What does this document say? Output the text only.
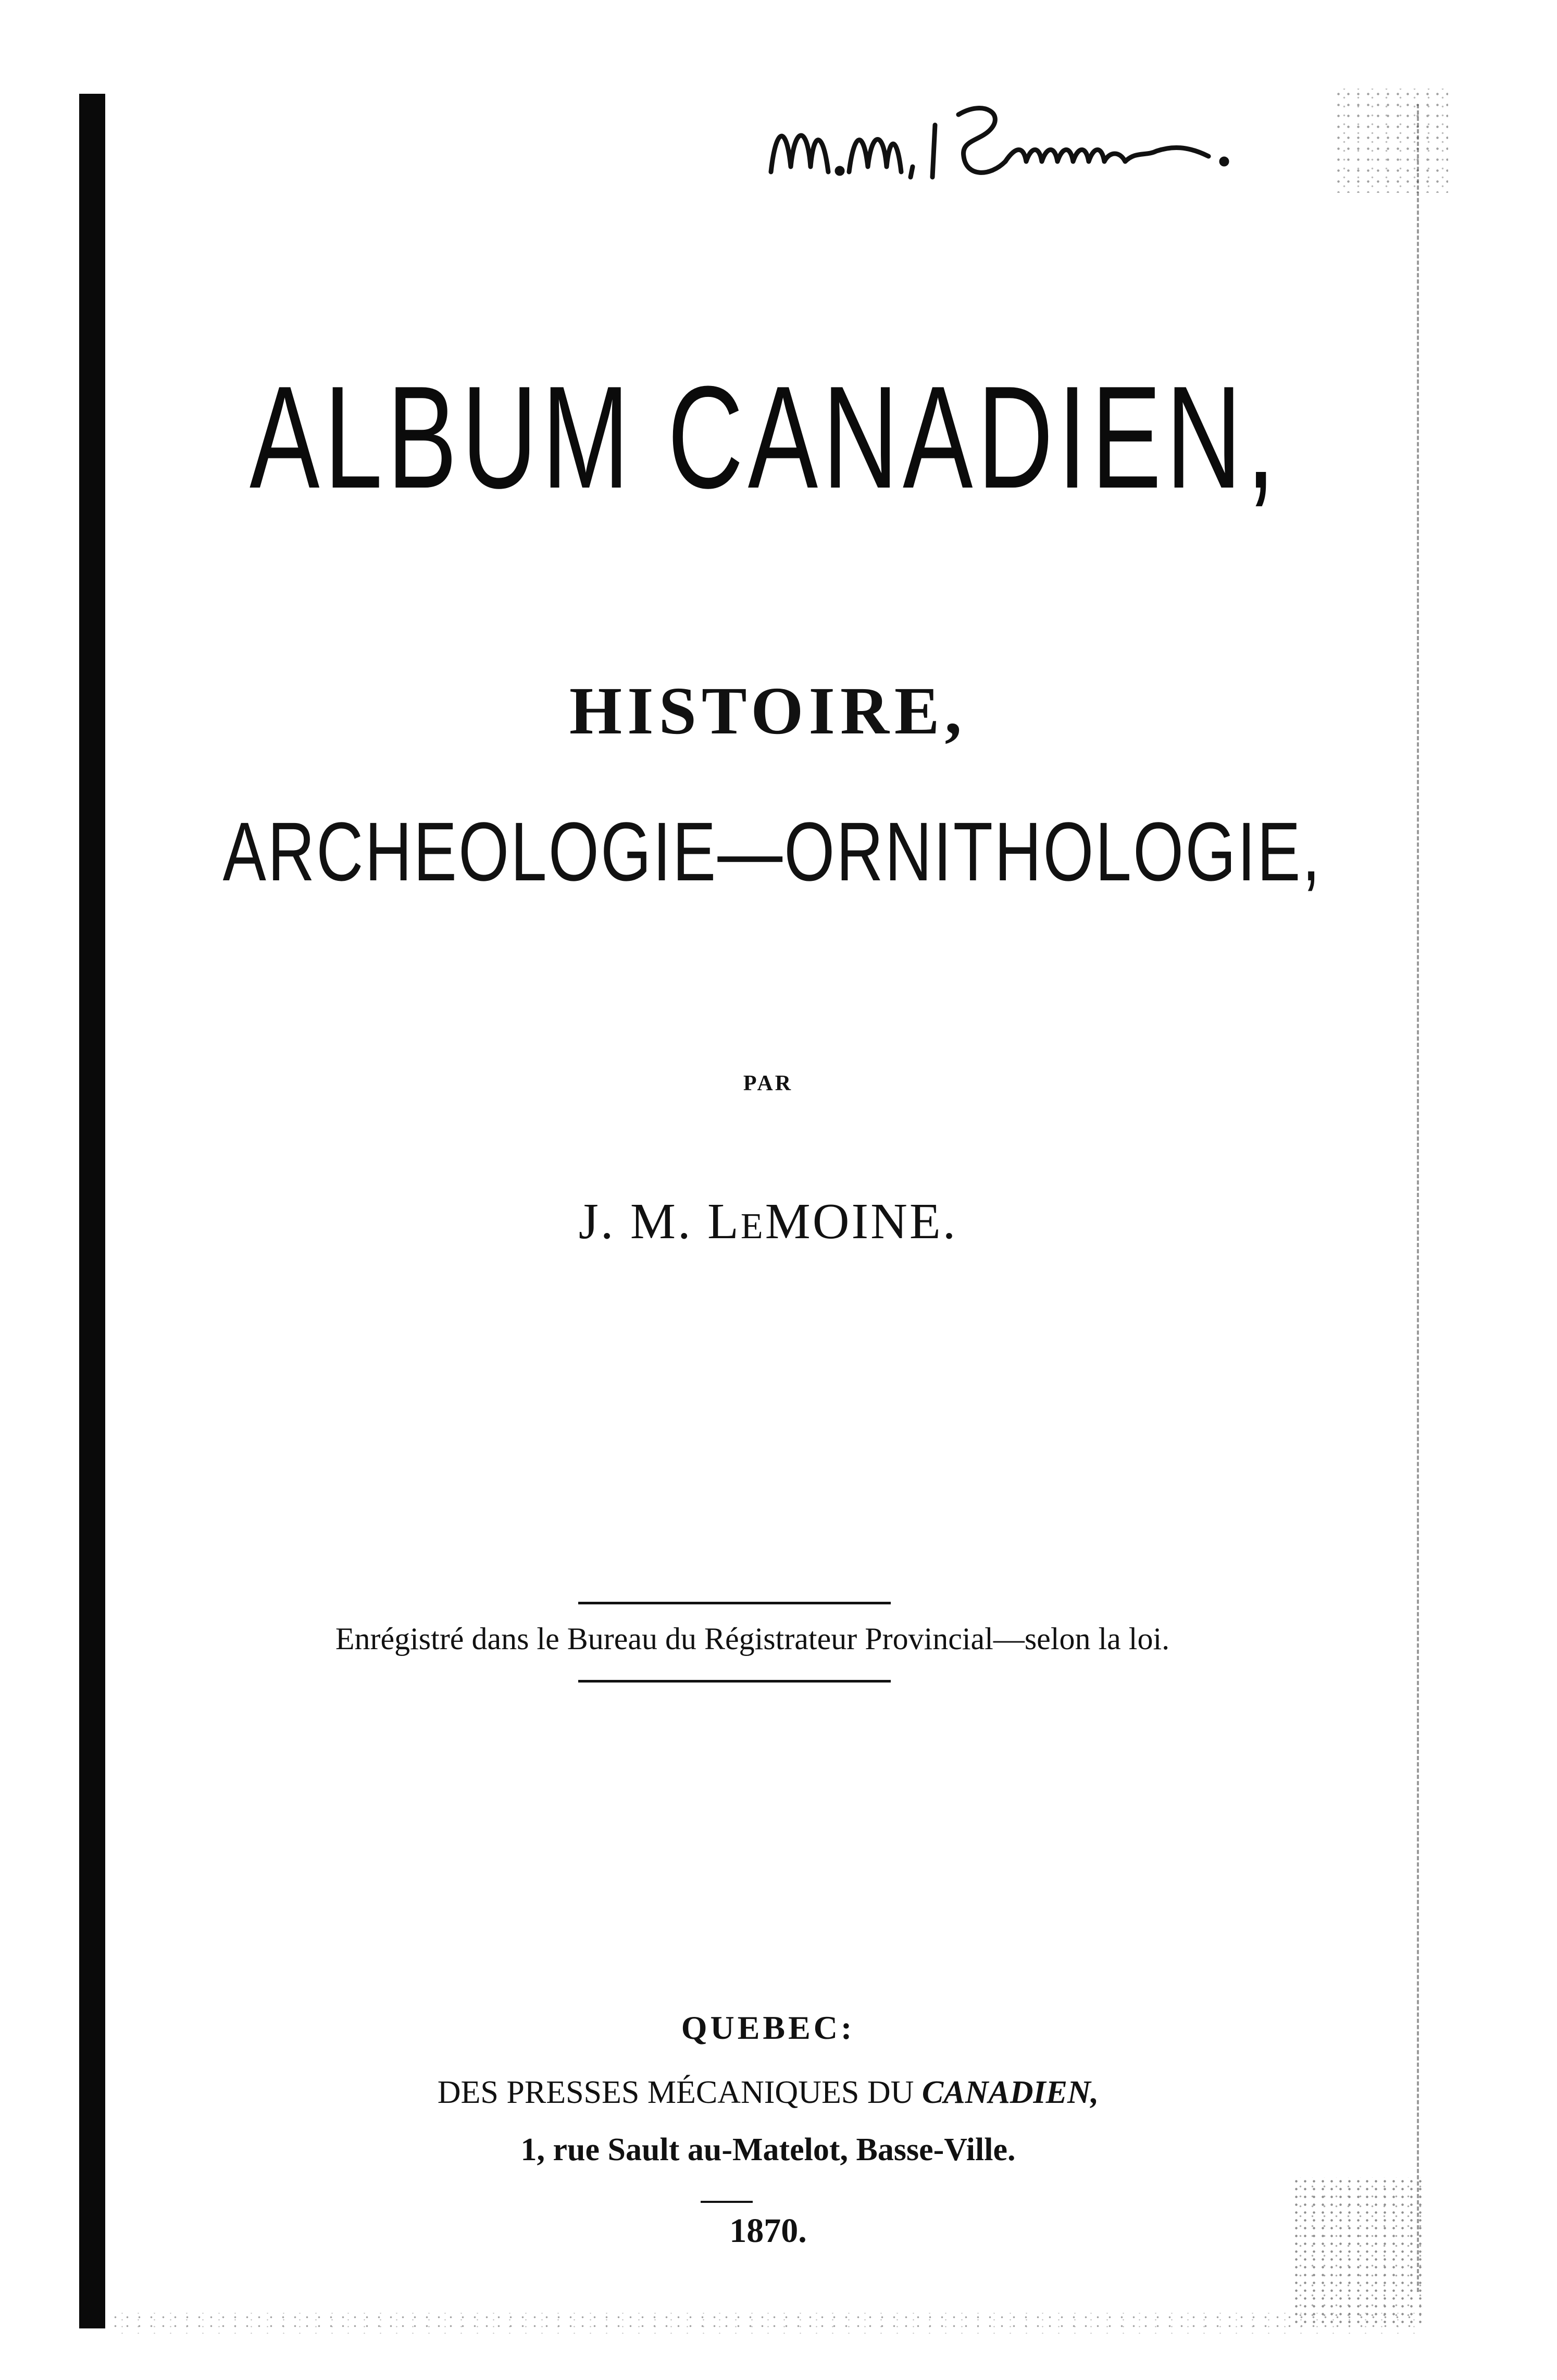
ALBUM CANADIEN,
HISTOIRE,
ARCHEOLOGIE—ORNITHOLOGIE,
PAR
J. M. LEMOINE.
Enrégistré dans le Bureau du Régistrateur Provincial—selon la loi.
QUEBEC:
DES PRESSES MÉCANIQUES DU CANADIEN,
1, rue Sault au-Matelot, Basse-Ville.
1870.
